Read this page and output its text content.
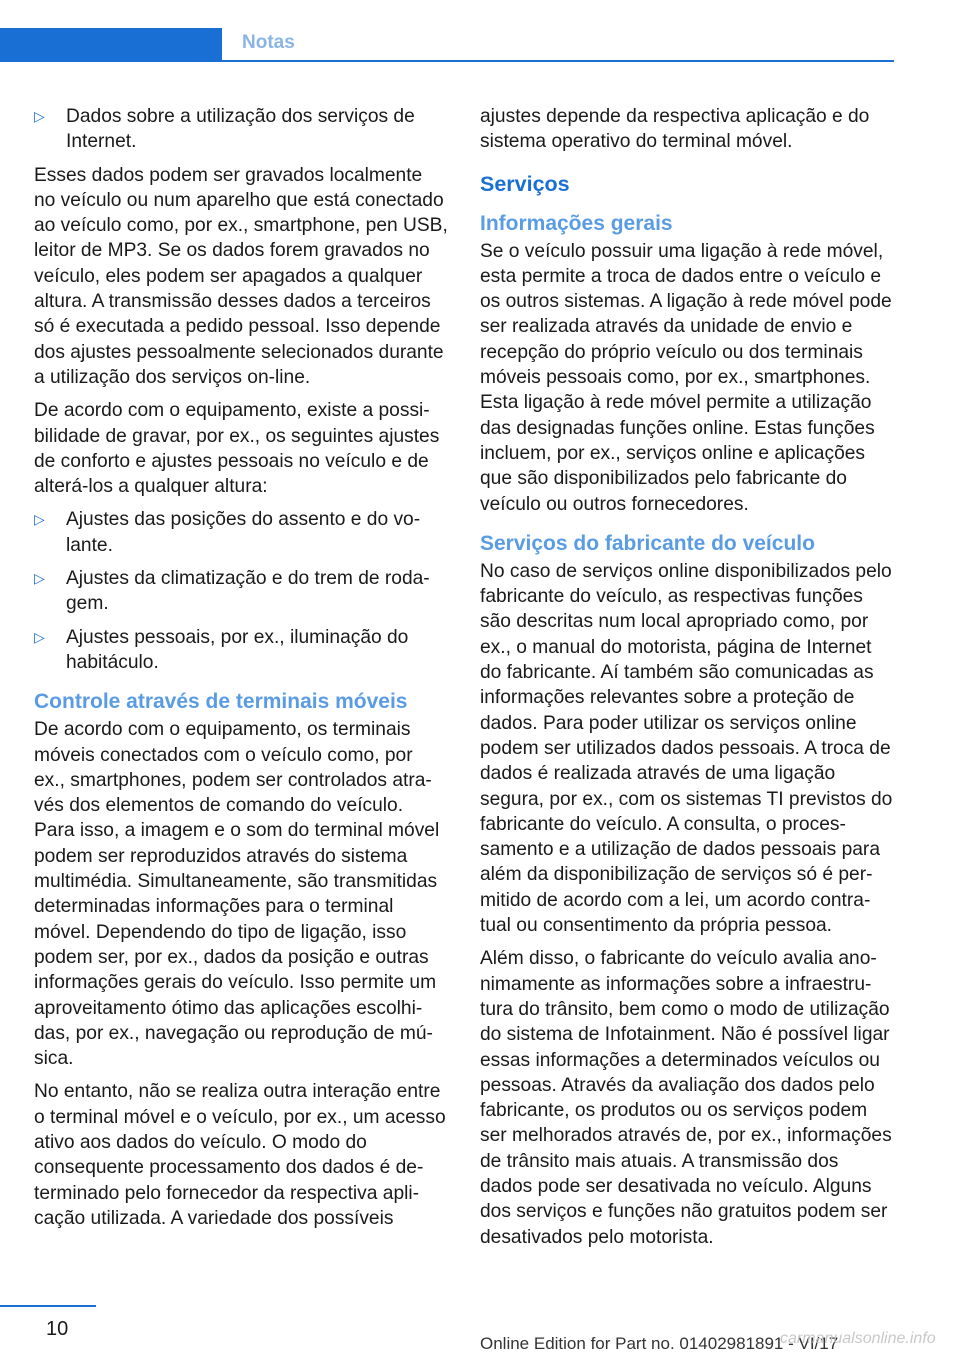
Notas
▷	Dados sobre a utilização dos serviços de Internet.

Esses dados podem ser gravados localmente no veículo ou num aparelho que está conectado ao veículo como, por ex., smartphone, pen USB, leitor de MP3. Se os dados forem gravados no veículo, eles podem ser apagados a qualquer altura. A transmissão desses dados a terceiros só é executada a pedido pessoal. Isso depende dos ajustes pessoalmente selecionados durante a utilização dos serviços on‐line.

De acordo com o equipamento, existe a possibilidade de gravar, por ex., os seguintes ajustes de conforto e ajustes pessoais no veículo e de alterá-los a qualquer altura:

▷	Ajustes das posições do assento e do volante.
▷	Ajustes da climatização e do trem de rodagem.
▷	Ajustes pessoais, por ex., iluminação do habitáculo.
Controle através de terminais móveis

De acordo com o equipamento, os terminais móveis conectados com o veículo como, por ex., smartphones, podem ser controlados através dos elementos de comando do veículo. Para isso, a imagem e o som do terminal móvel podem ser reproduzidos através do sistema multimédia. Simultaneamente, são transmitidas determinadas informações para o terminal móvel. Dependendo do tipo de ligação, isso podem ser, por ex., dados da posição e outras informações gerais do veículo. Isso permite um aproveitamento ótimo das aplicações escolhidas, por ex., navegação ou reprodução de música.

No entanto, não se realiza outra interação entre o terminal móvel e o veículo, por ex., um acesso ativo aos dados do veículo. O modo do consequente processamento dos dados é determinado pelo fornecedor da respectiva aplicação utilizada. A variedade dos possíveis

ajustes depende da respectiva aplicação e do sistema operativo do terminal móvel.

Serviços
Informações gerais

Se o veículo possuir uma ligação à rede móvel, esta permite a troca de dados entre o veículo e os outros sistemas. A ligação à rede móvel pode ser realizada através da unidade de envio e recepção do próprio veículo ou dos terminais móveis pessoais como, por ex., smartphones. Esta ligação à rede móvel permite a utilização das designadas funções online. Estas funções incluem, por ex., serviços online e aplicações que são disponibilizados pelo fabricante do veículo ou outros fornecedores.

Serviços do fabricante do veículo

No caso de serviços online disponibilizados pelo fabricante do veículo, as respectivas funções são descritas num local apropriado como, por ex., o manual do motorista, página de Internet do fabricante. Aí também são comunicadas as informações relevantes sobre a proteção de dados. Para poder utilizar os serviços online podem ser utilizados dados pessoais. A troca de dados é realizada através de uma ligação segura, por ex., com os sistemas TI previstos do fabricante do veículo. A consulta, o processamento e a utilização de dados pessoais para além da disponibilização de serviços só é permitido de acordo com a lei, um acordo contratual ou consentimento da própria pessoa.

Além disso, o fabricante do veículo avalia anonimamente as informações sobre a infraestrutura do trânsito, bem como o modo de utilização do sistema de Infotainment. Não é possível ligar essas informações a determinados veículos ou pessoas. Através da avaliação dos dados pelo fabricante, os produtos ou os serviços podem ser melhorados através de, por ex., informações de trânsito mais atuais. A transmissão dos dados pode ser desativada no veículo. Alguns dos serviços e funções não gratuitos podem ser desativados pelo motorista.

10
Online Edition for Part no. 01402981891 - VI/17
carmanualsonline.info
